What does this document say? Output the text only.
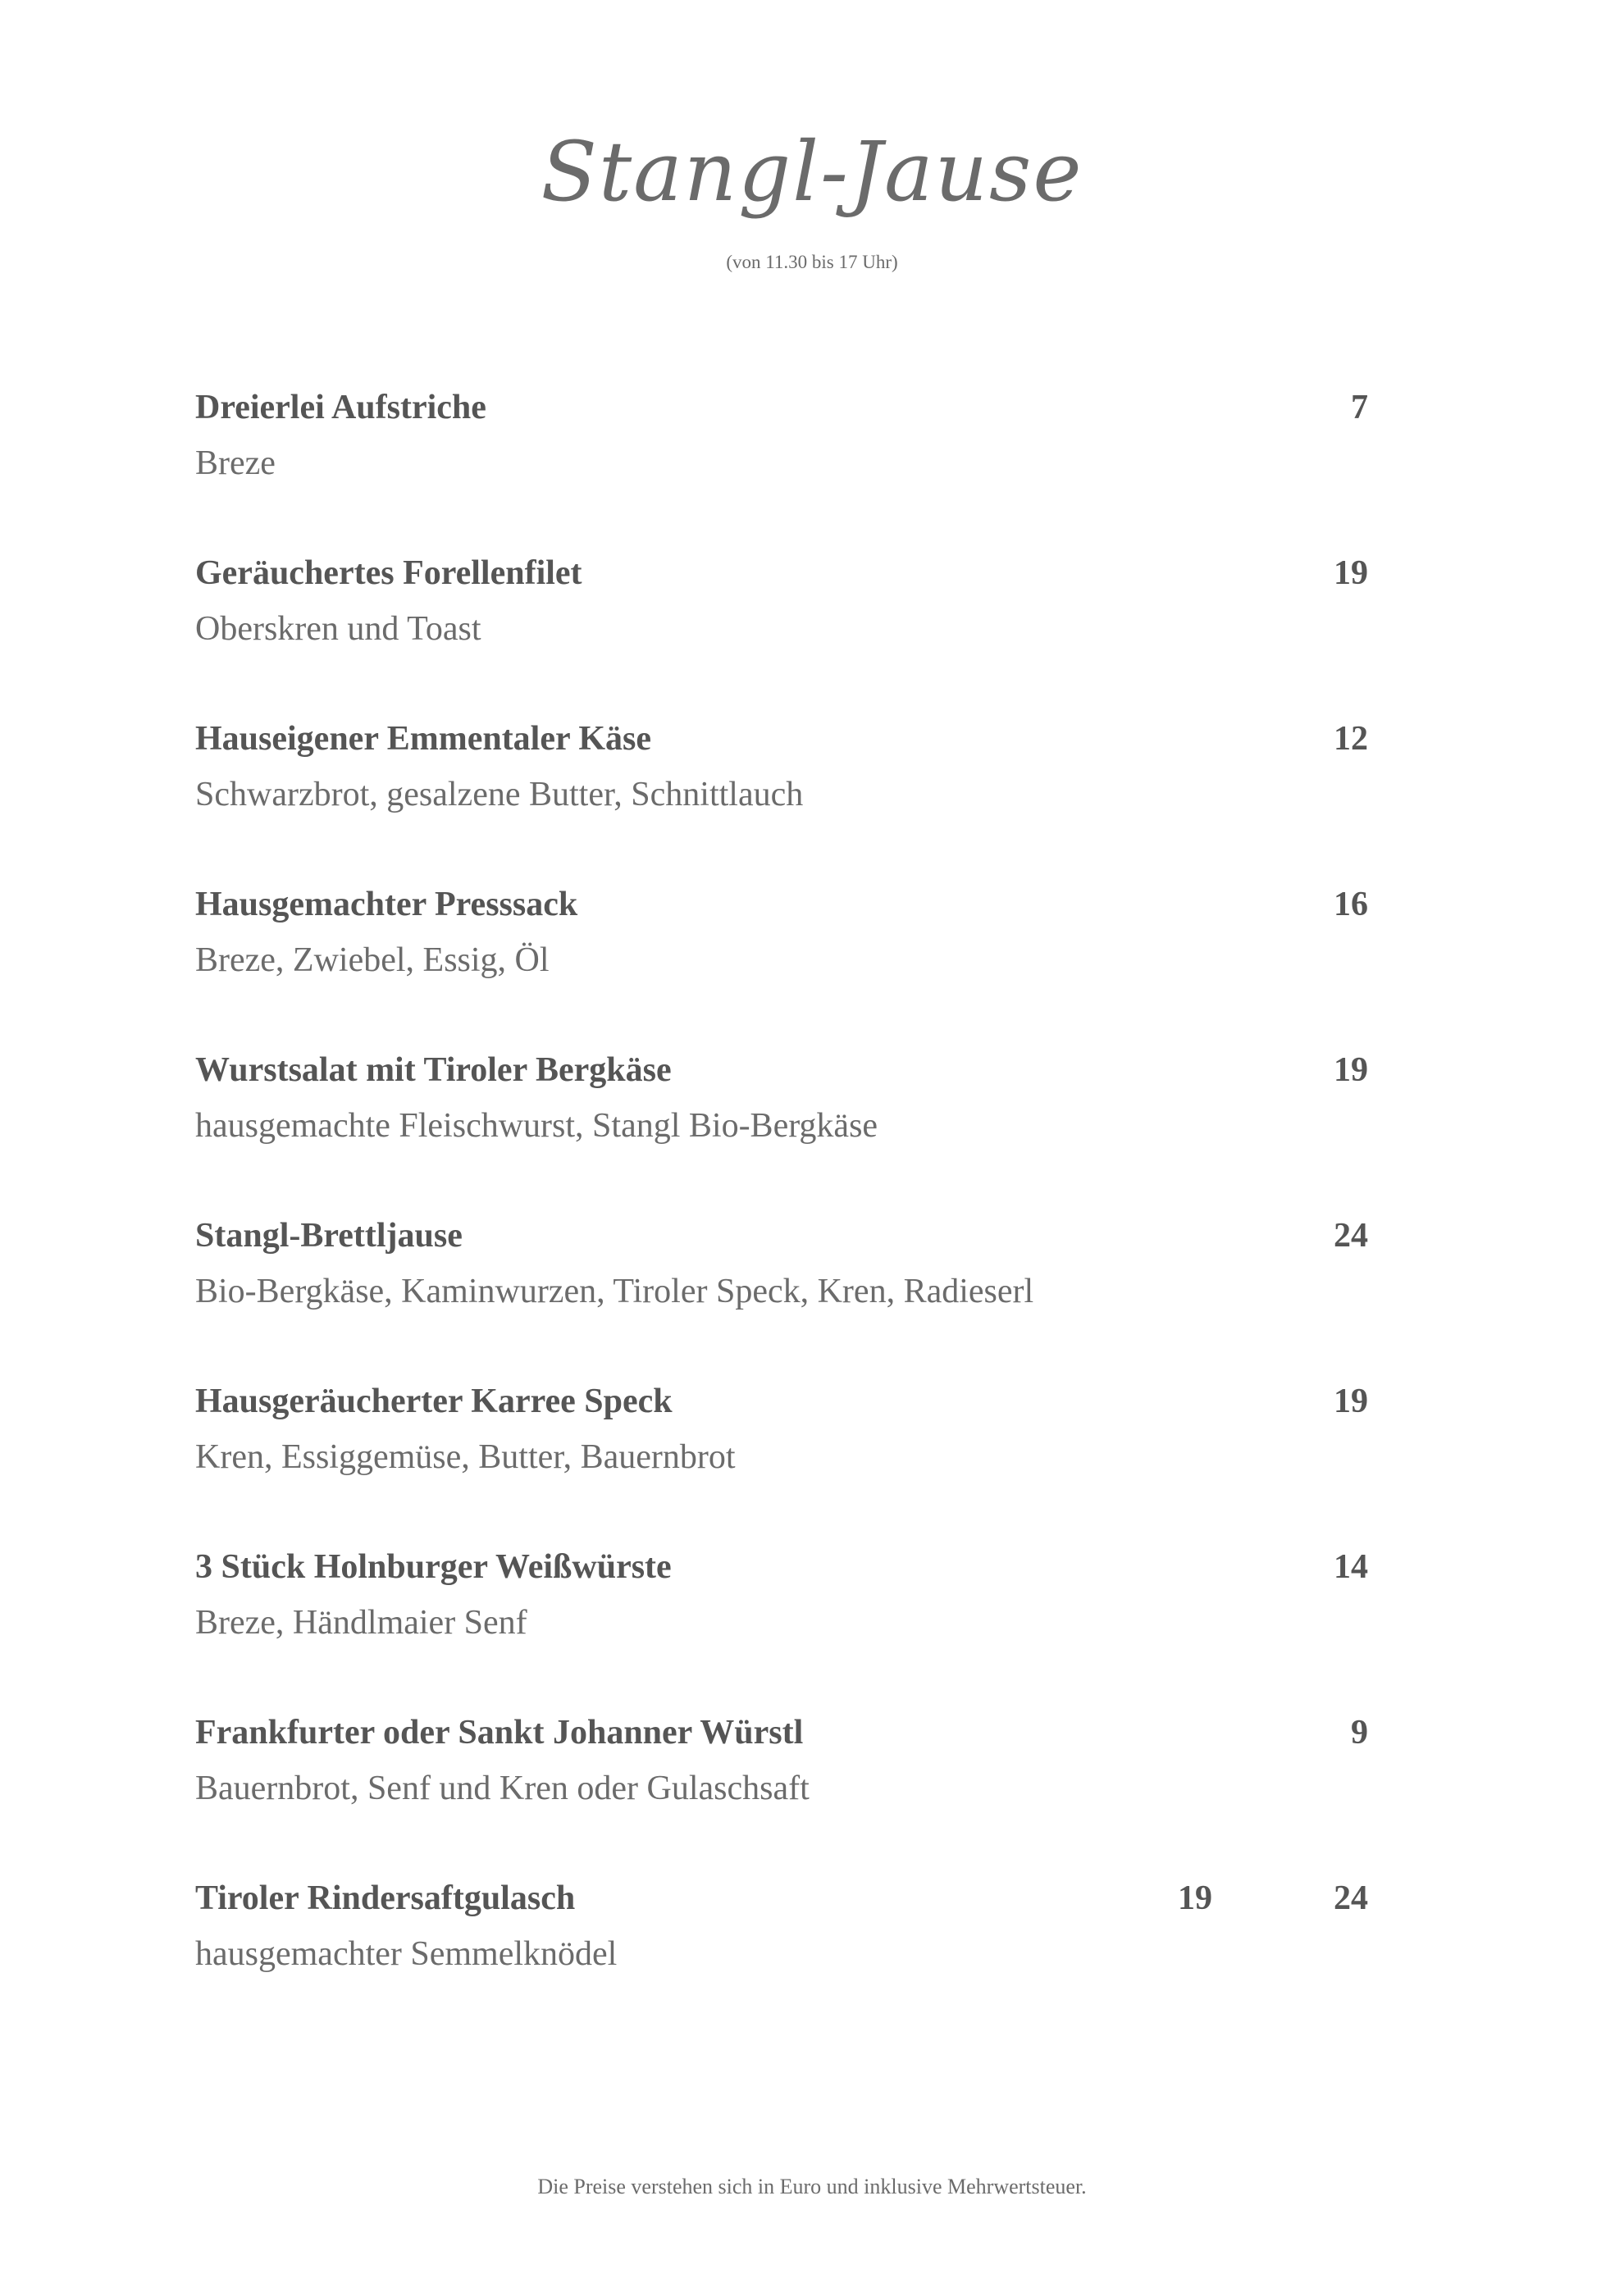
Stangl-Jause
(von 11.30 bis 17 Uhr)
Dreierlei Aufstriche	7
Breze
Geräuchertes Forellenfilet	19
Oberskren und Toast
Hauseigener Emmentaler Käse	12
Schwarzbrot, gesalzene Butter, Schnittlauch
Hausgemachter Presssack	16
Breze, Zwiebel, Essig, Öl
Wurstsalat mit Tiroler Bergkäse	19
hausgemachte Fleischwurst, Stangl Bio-Bergkäse
Stangl-Brettljause	24
Bio-Bergkäse, Kaminwurzen, Tiroler Speck, Kren, Radieserl
Hausgeräucherter Karree Speck	19
Kren, Essiggemüse, Butter, Bauernbrot
3 Stück Holnburger Weißwürste	14
Breze, Händlmaier Senf
Frankfurter oder Sankt Johanner Würstl	9
Bauernbrot, Senf und Kren oder Gulaschsaft
Tiroler Rindersaftgulasch	19	24
hausgemachter Semmelknödel
Die Preise verstehen sich in Euro und inklusive Mehrwertsteuer.
